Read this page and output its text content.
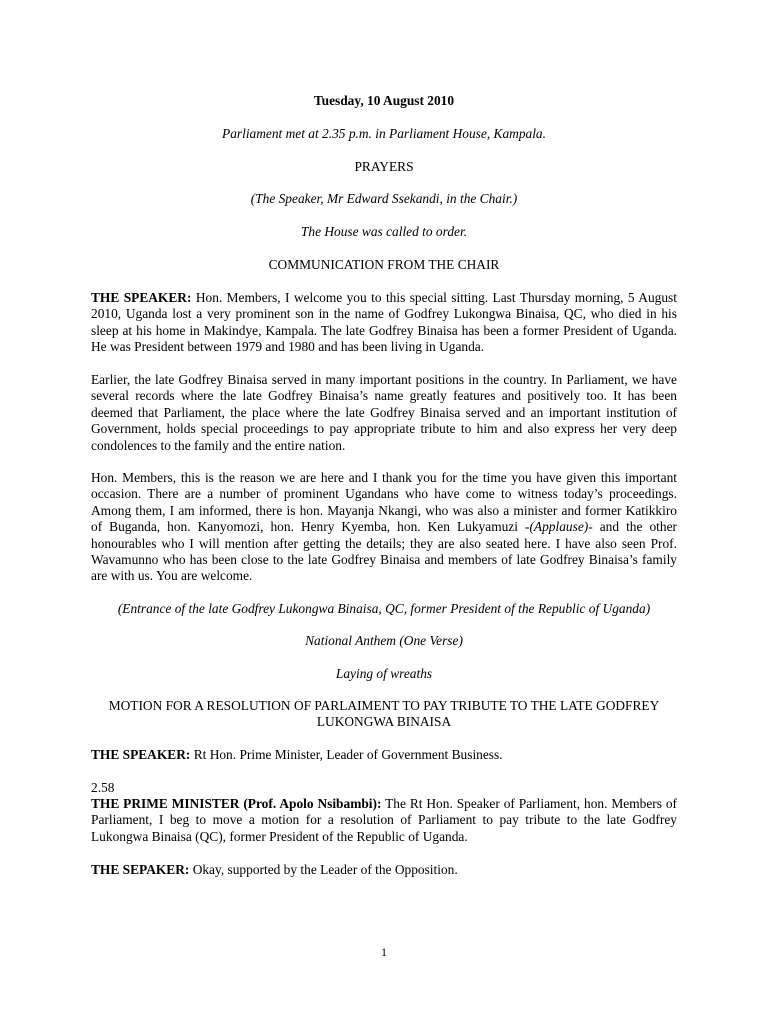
Tuesday, 10 August 2010
Parliament met at 2.35 p.m. in Parliament House, Kampala.
PRAYERS
(The Speaker, Mr Edward Ssekandi, in the Chair.)
The House was called to order.
COMMUNICATION FROM THE CHAIR
THE SPEAKER: Hon. Members, I welcome you to this special sitting. Last Thursday morning, 5 August 2010, Uganda lost a very prominent son in the name of Godfrey Lukongwa Binaisa, QC, who died in his sleep at his home in Makindye, Kampala. The late Godfrey Binaisa has been a former President of Uganda. He was President between 1979 and 1980 and has been living in Uganda.
Earlier, the late Godfrey Binaisa served in many important positions in the country. In Parliament, we have several records where the late Godfrey Binaisa’s name greatly features and positively too. It has been deemed that Parliament, the place where the late Godfrey Binaisa served and an important institution of Government, holds special proceedings to pay appropriate tribute to him and also express her very deep condolences to the family and the entire nation.
Hon. Members, this is the reason we are here and I thank you for the time you have given this important occasion. There are a number of prominent Ugandans who have come to witness today’s proceedings. Among them, I am informed, there is hon. Mayanja Nkangi, who was also a minister and former Katikkiro of Buganda, hon. Kanyomozi, hon. Henry Kyemba, hon. Ken Lukyamuzi -(Applause)- and the other honourables who I will mention after getting the details; they are also seated here. I have also seen Prof. Wavamunno who has been close to the late Godfrey Binaisa and members of late Godfrey Binaisa’s family are with us. You are welcome.
(Entrance of the late Godfrey Lukongwa Binaisa, QC, former President of the Republic of Uganda)
National Anthem (One Verse)
Laying of wreaths
MOTION FOR A RESOLUTION OF PARLAIMENT TO PAY TRIBUTE TO THE LATE GODFREY
LUKONGWA BINAISA
THE SPEAKER: Rt Hon. Prime Minister, Leader of Government Business.
2.58
THE PRIME MINISTER (Prof. Apolo Nsibambi): The Rt Hon. Speaker of Parliament, hon. Members of Parliament, I beg to move a motion for a resolution of Parliament to pay tribute to the late Godfrey Lukongwa Binaisa (QC), former President of the Republic of Uganda.
THE SEPAKER: Okay, supported by the Leader of the Opposition.
1
